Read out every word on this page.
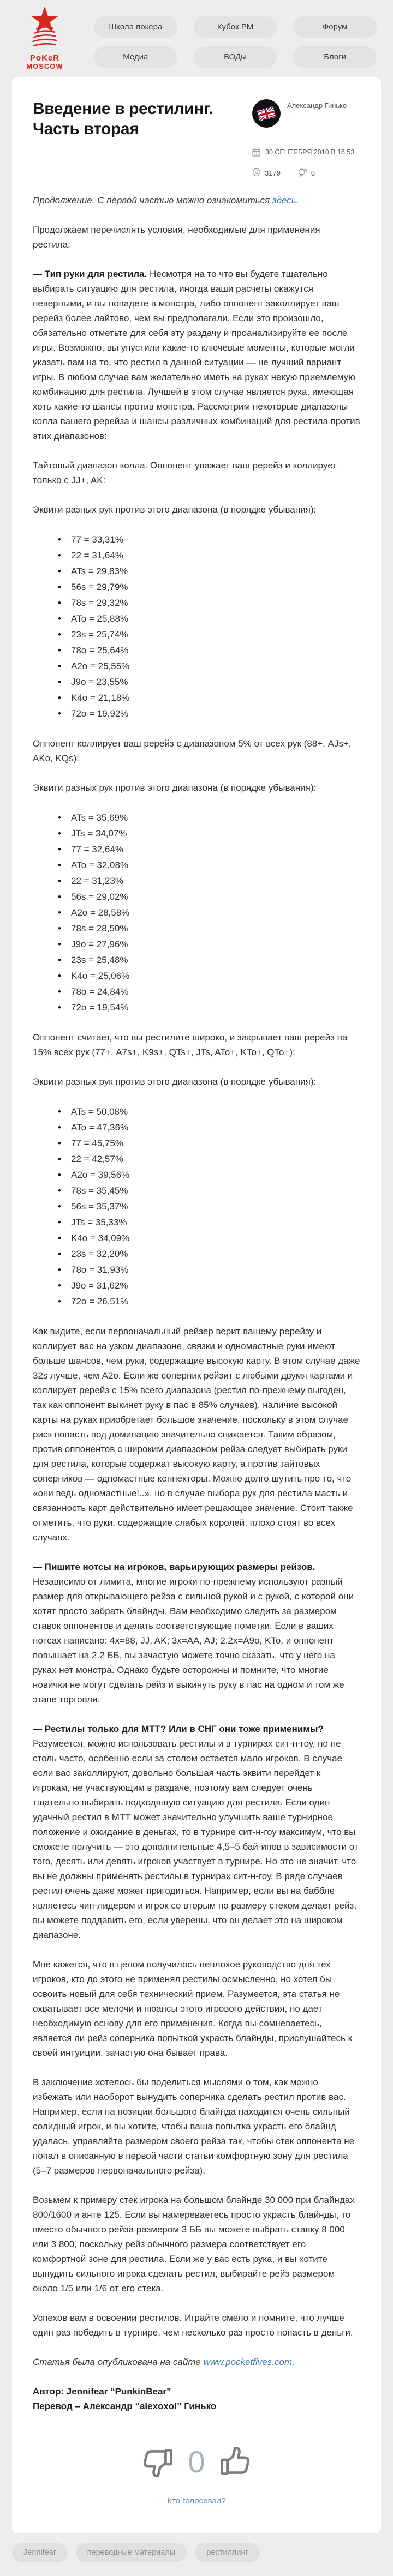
PoKeR
MOSCOW
Школа покера	Кубок РМ	Форум
Медиа	ВОДы	Блоги
Введение в рестилинг. Часть вторая
Александр Гинько
30 СЕНТЯБРЯ 2010 В 16:53
3179	0

Продолжение. С первой частью можно ознакомиться здесь.

Продолжаем перечислять условия, необходимые для применения рестила:

— Тип руки для рестила. Несмотря на то что вы будете тщательно выбирать ситуацию для рестила, иногда ваши расчеты окажутся неверными, и вы попадете в монстра, либо оппонент заколлирует ваш ререйз более лайтово, чем вы предполагали. Если это произошло, обязательно отметьте для себя эту раздачу и проанализируйте ее после игры. Возможно, вы упустили какие-то ключевые моменты, которые могли указать вам на то, что рестил в данной ситуации — не лучший вариант игры. В любом случае вам желательно иметь на руках некую приемлемую комбинацию для рестила. Лучшей в этом случае является рука, имеющая хоть какие-то шансы против монстра. Рассмотрим некоторые диапазоны колла вашего ререйза и шансы различных комбинаций для рестила против этих диапазонов:

Тайтовый диапазон колла. Оппонент уважает ваш ререйз и коллирует только с JJ+, AK:

Эквити разных рук против этого диапазона (в порядке убывания):

• 77 = 33,31%
• 22 = 31,64%
• ATs = 29,83%
• 56s = 29,79%
• 78s = 29,32%
• ATo = 25,88%
• 23s = 25,74%
• 78o = 25,64%
• A2o = 25,55%
• J9o = 23,55%
• K4o = 21,18%
• 72o = 19,92%

Оппонент коллирует ваш ререйз с диапазоном 5% от всех рук (88+, AJs+, AKo, KQs):

Эквити разных рук против этого диапазона (в порядке убывания):

• ATs = 35,69%
• JTs = 34,07%
• 77 = 32,64%
• ATo = 32,08%
• 22 = 31,23%
• 56s = 29,02%
• A2o = 28,58%
• 78s = 28,50%
• J9o = 27,96%
• 23s = 25,48%
• K4o = 25,06%
• 78o = 24,84%
• 72o = 19,54%

Оппонент считает, что вы рестилите широко, и закрывает ваш ререйз на 15% всех рук (77+, A7s+, K9s+, QTs+, JTs, ATo+, KTo+, QTo+):

Эквити разных рук против этого диапазона (в порядке убывания):

• ATs = 50,08%
• ATo = 47,36%
• 77 = 45,75%
• 22 = 42,57%
• A2o = 39,56%
• 78s = 35,45%
• 56s = 35,37%
• JTs = 35,33%
• K4o = 34,09%
• 23s = 32,20%
• 78o = 31,93%
• J9o = 31,62%
• 72o = 26,51%

Как видите, если первоначальный рейзер верит вашему ререйзу и коллирует вас на узком диапазоне, связки и одномастные руки имеют больше шансов, чем руки, содержащие высокую карту. В этом случае даже 32s лучше, чем A2o. Если же соперник рейзит с любыми двумя картами и коллирует ререйз с 15% всего диапазона (рестил по-прежнему выгоден, так как оппонент выкинет руку в пас в 85% случаев), наличие высокой карты на руках приобретает большое значение, поскольку в этом случае риск попасть под доминацию значительно снижается. Таким образом, против оппонентов с широким диапазоном рейза следует выбирать руки для рестила, которые содержат высокую карту, а против тайтовых соперников — одномастные коннекторы. Можно долго шутить про то, что «они ведь одномастные!..», но в случае выбора рук для рестила масть и связанность карт действительно имеет решающее значение. Стоит также отметить, что руки, содержащие слабых королей, плохо стоят во всех случаях.

— Пишите нотсы на игроков, варьирующих размеры рейзов. Независимо от лимита, многие игроки по-прежнему используют разный размер для открывающего рейза с сильной рукой и с рукой, с которой они хотят просто забрать блайнды. Вам необходимо следить за размером ставок оппонентов и делать соответствующие пометки. Если в ваших нотсах написано: 4x=88, JJ, AK; 3x=AA, AJ; 2.2x=A9o, KTo, и оппонент повышает на 2.2 ББ, вы зачастую можете точно сказать, что у него на руках нет монстра. Однако будьте осторожны и помните, что многие новички не могут сделать рейз и выкинуть руку в пас на одном и том же этапе торговли.

— Рестилы только для МТТ? Или в СНГ они тоже применимы? Разумеется, можно использовать рестилы и в турнирах сит-н-гоу, но не столь часто, особенно если за столом остается мало игроков. В случае если вас заколлируют, довольно большая часть эквити перейдет к игрокам, не участвующим в раздаче, поэтому вам следует очень тщательно выбирать подходящую ситуацию для рестила. Если один удачный рестил в МТТ может значительно улучшить ваше турнирное положение и ожидание в деньгах, то в турнире сит-н-гоу максимум, что вы сможете получить — это дополнительные 4,5–5 бай-инов в зависимости от того, десять или девять игроков участвует в турнире. Но это не значит, что вы не должны применять рестилы в турнирах сит-н-гоу. В ряде случаев рестил очень даже может пригодиться. Например, если вы на баббле являетесь чип-лидером и игрок со вторым по размеру стеком делает рейз, вы можете поддавить его, если уверены, что он делает это на широком диапазоне.

Мне кажется, что в целом получилось неплохое руководство для тех игроков, кто до этого не применял рестилы осмысленно, но хотел бы освоить новый для себя технический прием. Разумеется, эта статья не охватывает все мелочи и нюансы этого игрового действия, но дает необходимую основу для его применения. Когда вы сомневаетесь, является ли рейз соперника попыткой украсть блайнды, прислушайтесь к своей интуиции, зачастую она бывает права.

В заключение хотелось бы поделиться мыслями о том, как можно избежать или наоборот вынудить соперника сделать рестил против вас. Например, если на позиции большого блайнда находится очень сильный солидный игрок, и вы хотите, чтобы ваша попытка украсть его блайнд удалась, управляйте размером своего рейза так, чтобы стек оппонента не попал в описанную в первой части статьи комфортную зону для рестила (5–7 размеров первоначального рейза).

Возьмем к примеру стек игрока на большом блайнде 30 000 при блайндах 800/1600 и анте 125. Если вы намереваетесь просто украсть блайнды, то вместо обычного рейза размером 3 ББ вы можете выбрать ставку 8 000 или 3 800, поскольку рейз обычного размера соответствует его комфортной зоне для рестила. Если же у вас есть рука, и вы хотите вынудить сильного игрока сделать рестил, выбирайте рейз размером около 1/5 или 1/6 от его стека.

Успехов вам в освоении рестилов. Играйте смело и помните, что лучше один раз победить в турнире, чем несколько раз просто попасть в деньги.

Статья была опубликована на сайте www.pocketfives.com.

Автор: Jennifear “PunkinBear”

Перевод – Александр “alexoxol” Гинько

0
Кто голосовал?
Jennifear	переводные материалы	рестиллинг
